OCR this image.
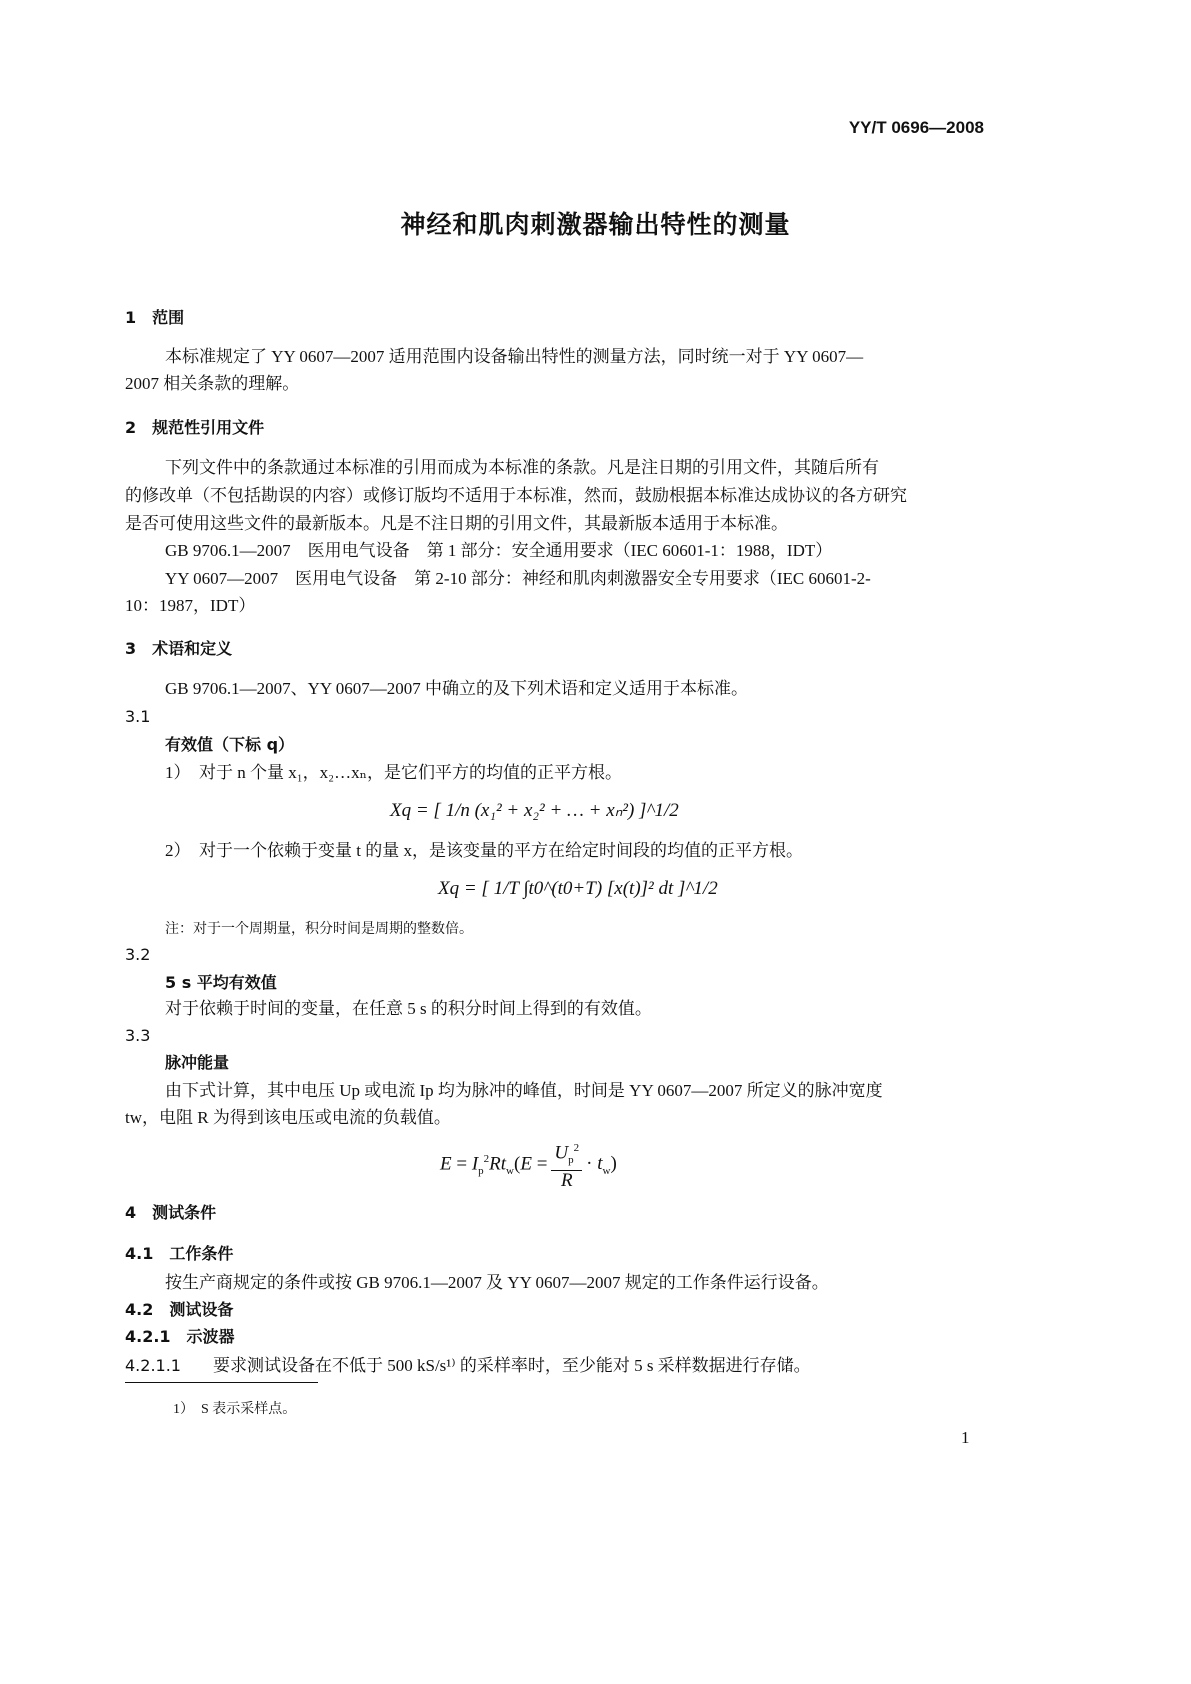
YY/T 0696—2008
神经和肌肉刺激器输出特性的测量
1　范围
本标准规定了 YY 0607—2007 适用范围内设备输出特性的测量方法，同时统一对于 YY 0607—
2007 相关条款的理解。
2　规范性引用文件
下列文件中的条款通过本标准的引用而成为本标准的条款。凡是注日期的引用文件，其随后所有
的修改单（不包括勘误的内容）或修订版均不适用于本标准，然而，鼓励根据本标准达成协议的各方研究
是否可使用这些文件的最新版本。凡是不注日期的引用文件，其最新版本适用于本标准。
GB 9706.1—2007　医用电气设备　第 1 部分：安全通用要求（IEC 60601-1：1988，IDT）
YY 0607—2007　医用电气设备　第 2-10 部分：神经和肌肉刺激器安全专用要求（IEC 60601-2-
10：1987，IDT）
3　术语和定义
GB 9706.1—2007、YY 0607—2007 中确立的及下列术语和定义适用于本标准。
3.1
有效值（下标 q）
1）　对于 n 个量 x₁，x₂…xₙ，是它们平方的均值的正平方根。
Xq = [ 1/n (x₁² + x₂² + … + xₙ²) ]^1/2
2）　对于一个依赖于变量 t 的量 x，是该变量的平方在给定时间段的均值的正平方根。
Xq = [ 1/T ∫t0^(t0+T) [x(t)]² dt ]^1/2
注：对于一个周期量，积分时间是周期的整数倍。
3.2
5 s 平均有效值
对于依赖于时间的变量，在任意 5 s 的积分时间上得到的有效值。
3.3
脉冲能量
由下式计算，其中电压 Up 或电流 Ip 均为脉冲的峰值，时间是 YY 0607—2007 所定义的脉冲宽度
tw，电阻 R 为得到该电压或电流的负载值。
$E = I_p^2Rt_w(E = \frac{U_p^2}{R} \cdot t_w)$
4　测试条件
4.1　工作条件
按生产商规定的条件或按 GB 9706.1—2007 及 YY 0607—2007 规定的工作条件运行设备。
4.2　测试设备
4.2.1　示波器
4.2.1.1 要求测试设备在不低于 500 kS/s¹⁾ 的采样率时，至少能对 5 s 采样数据进行存储。
1）　S 表示采样点。
1
